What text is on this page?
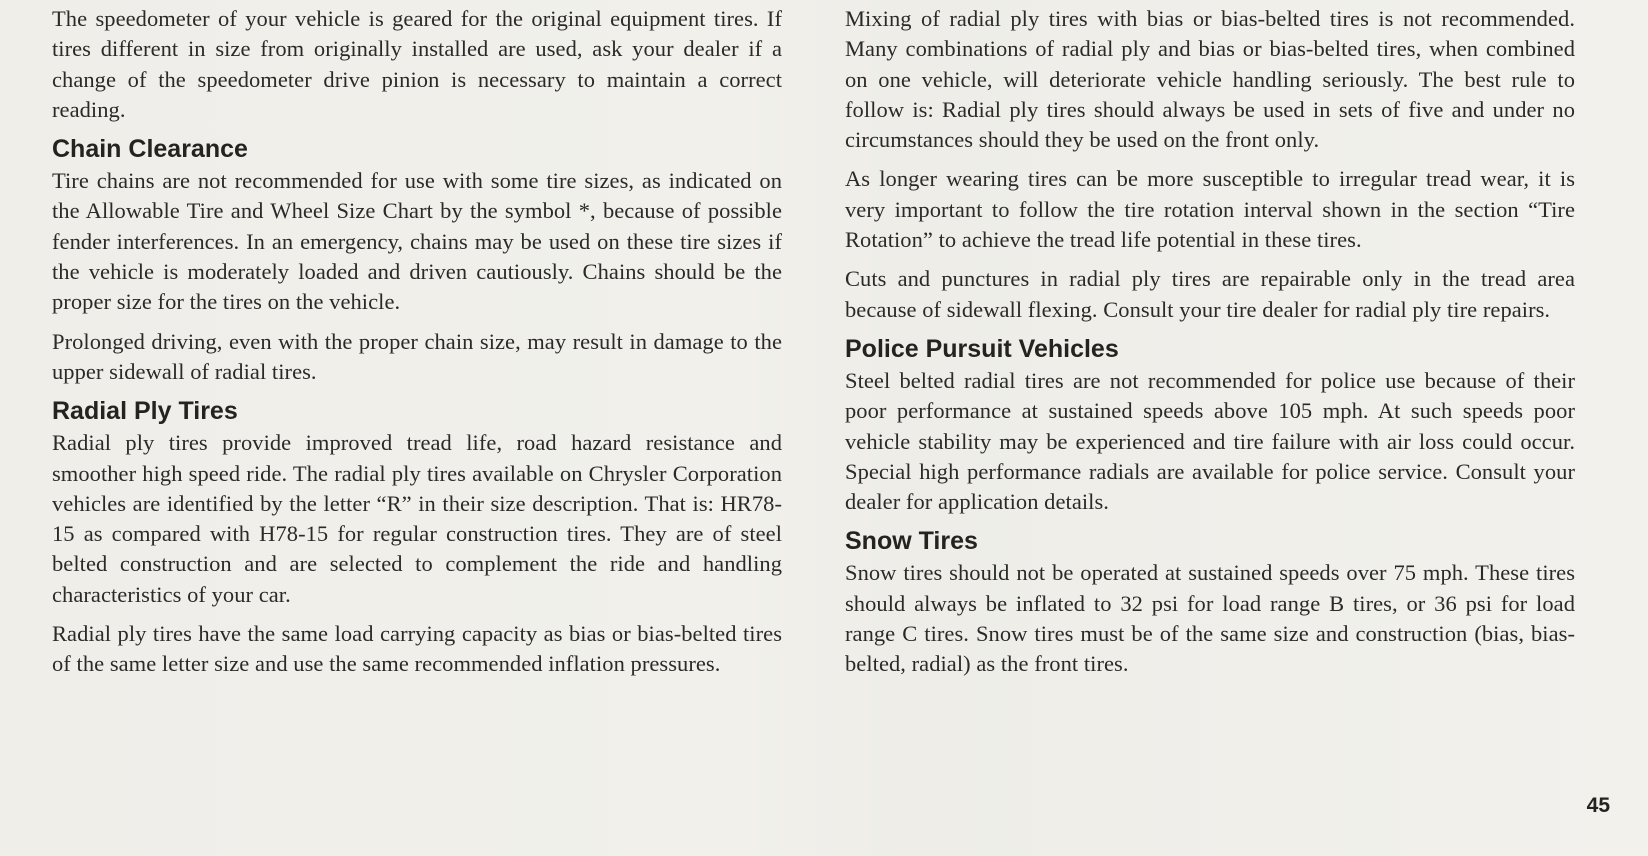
The speedometer of your vehicle is geared for the original equipment tires. If tires different in size from originally installed are used, ask your dealer if a change of the speedometer drive pinion is necessary to maintain a correct reading.

Chain Clearance

Tire chains are not recommended for use with some tire sizes, as indicated on the Allowable Tire and Wheel Size Chart by the symbol *, because of possible fender interferences. In an emergency, chains may be used on these tire sizes if the vehicle is moderately loaded and driven cautiously. Chains should be the proper size for the tires on the vehicle.

Prolonged driving, even with the proper chain size, may result in damage to the upper sidewall of radial tires.

Radial Ply Tires

Radial ply tires provide improved tread life, road hazard resistance and smoother high speed ride. The radial ply tires available on Chrysler Corporation vehicles are identified by the letter “R” in their size description. That is: HR78-15 as compared with H78-15 for regular construction tires. They are of steel belted construction and are selected to complement the ride and handling characteristics of your car.

Radial ply tires have the same load carrying capacity as bias or bias-belted tires of the same letter size and use the same recommended inflation pressures.

Mixing of radial ply tires with bias or bias-belted tires is not recommended. Many combinations of radial ply and bias or bias-belted tires, when combined on one vehicle, will deteriorate vehicle handling seriously. The best rule to follow is: Radial ply tires should always be used in sets of five and under no circumstances should they be used on the front only.

As longer wearing tires can be more susceptible to irregular tread wear, it is very important to follow the tire rotation interval shown in the section “Tire Rotation” to achieve the tread life potential in these tires.

Cuts and punctures in radial ply tires are repairable only in the tread area because of sidewall flexing. Consult your tire dealer for radial ply tire repairs.

Police Pursuit Vehicles

Steel belted radial tires are not recommended for police use because of their poor performance at sustained speeds above 105 mph. At such speeds poor vehicle stability may be experienced and tire failure with air loss could occur. Special high performance radials are available for police service. Consult your dealer for application details.

Snow Tires

Snow tires should not be operated at sustained speeds over 75 mph. These tires should always be inflated to 32 psi for load range B tires, or 36 psi for load range C tires. Snow tires must be of the same size and construction (bias, bias-belted, radial) as the front tires.

45
